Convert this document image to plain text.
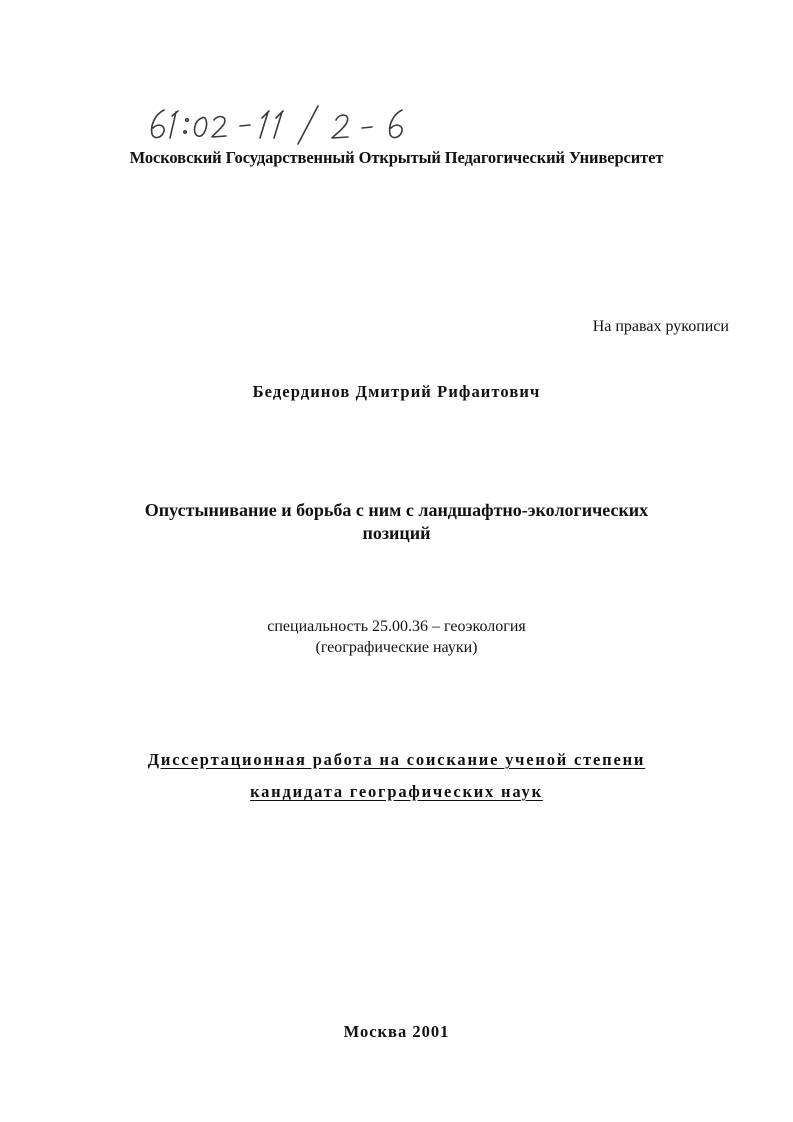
Московский Государственный Открытый Педагогический Университет
На правах рукописи
Бедердинов Дмитрий Рифаитович
Опустынивание и борьба с ним с ландшафтно-экологических
позиций
специальность 25.00.36 – геоэкология
(географические науки)
Диссертационная работа на соискание ученой степени
кандидата географических наук
Москва 2001
